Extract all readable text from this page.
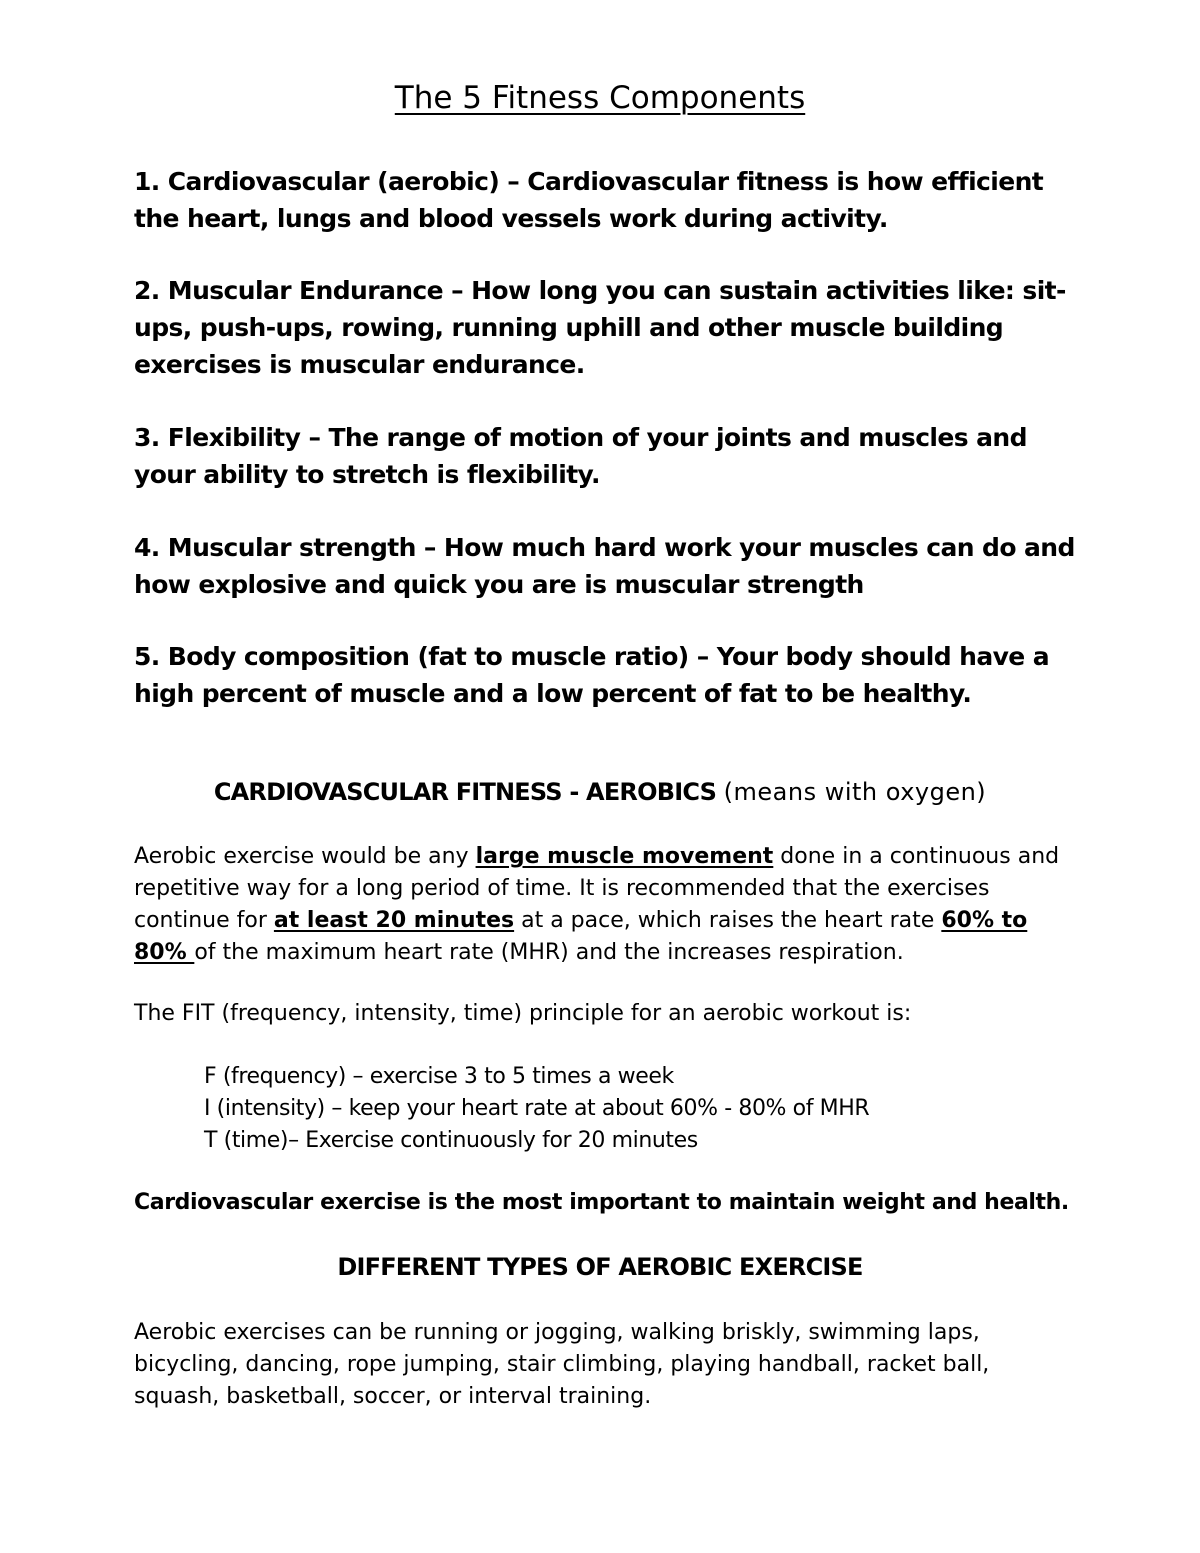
The 5 Fitness Components
1. Cardiovascular (aerobic) – Cardiovascular fitness is how efficient the heart, lungs and blood vessels work during activity.
2. Muscular Endurance – How long you can sustain activities like: sit-ups, push-ups, rowing, running uphill and other muscle building exercises is muscular endurance.
3. Flexibility – The range of motion of your joints and muscles and your ability to stretch is flexibility.
4. Muscular strength – How much hard work your muscles can do and how explosive and quick you are is muscular strength
5. Body composition (fat to muscle ratio) – Your body should have a high percent of muscle and a low percent of fat to be healthy.
CARDIOVASCULAR FITNESS - AEROBICS (means with oxygen)
Aerobic exercise would be any large muscle movement done in a continuous and repetitive way for a long period of time. It is recommended that the exercises continue for at least 20 minutes at a pace, which raises the heart rate 60% to 80% of the maximum heart rate (MHR) and the increases respiration.
The FIT (frequency, intensity, time) principle for an aerobic workout is:
F (frequency) – exercise 3 to 5 times a week
I (intensity) – keep your heart rate at about 60% - 80% of MHR
T (time)– Exercise continuously for 20 minutes
Cardiovascular exercise is the most important to maintain weight and health.
DIFFERENT TYPES OF AEROBIC EXERCISE
Aerobic exercises can be running or jogging, walking briskly, swimming laps, bicycling, dancing, rope jumping, stair climbing, playing handball, racket ball, squash, basketball, soccer, or interval training.
